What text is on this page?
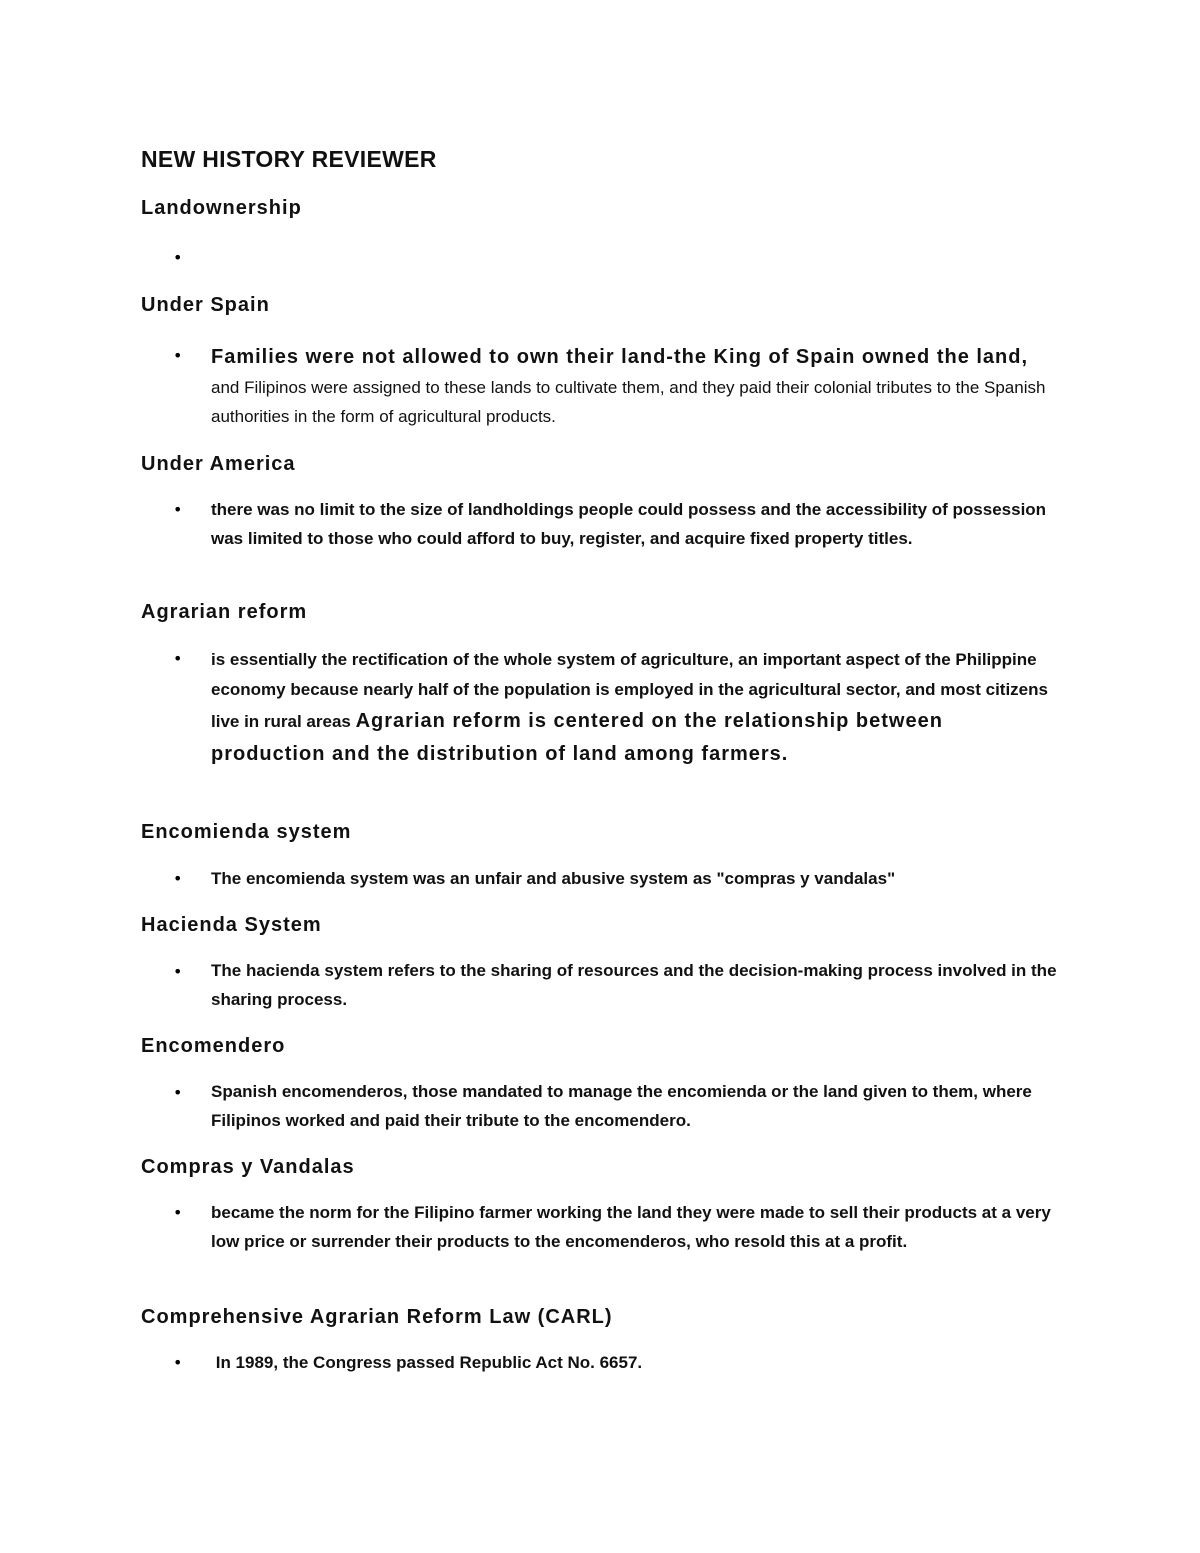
NEW HISTORY REVIEWER
Landownership
•
Under Spain
• Families were not allowed to own their land-the King of Spain owned the land, and Filipinos were assigned to these lands to cultivate them, and they paid their colonial tributes to the Spanish authorities in the form of agricultural products.

Under America
• there was no limit to the size of landholdings people could possess and the accessibility of possession was limited to those who could afford to buy, register, and acquire fixed property titles.

Agrarian reform
• is essentially the rectification of the whole system of agriculture, an important aspect of the Philippine economy because nearly half of the population is employed in the agricultural sector, and most citizens live in rural areas Agrarian reform is centered on the relationship between production and the distribution of land among farmers.

Encomienda system
• The encomienda system was an unfair and abusive system as "compras y vandalas"

Hacienda System
• The hacienda system refers to the sharing of resources and the decision-making process involved in the sharing process.

Encomendero
• Spanish encomenderos, those mandated to manage the encomienda or the land given to them, where Filipinos worked and paid their tribute to the encomendero.

Compras y Vandalas
• became the norm for the Filipino farmer working the land they were made to sell their products at a very low price or surrender their products to the encomenderos, who resold this at a profit.

Comprehensive Agrarian Reform Law (CARL)
• In 1989, the Congress passed Republic Act No. 6657.
